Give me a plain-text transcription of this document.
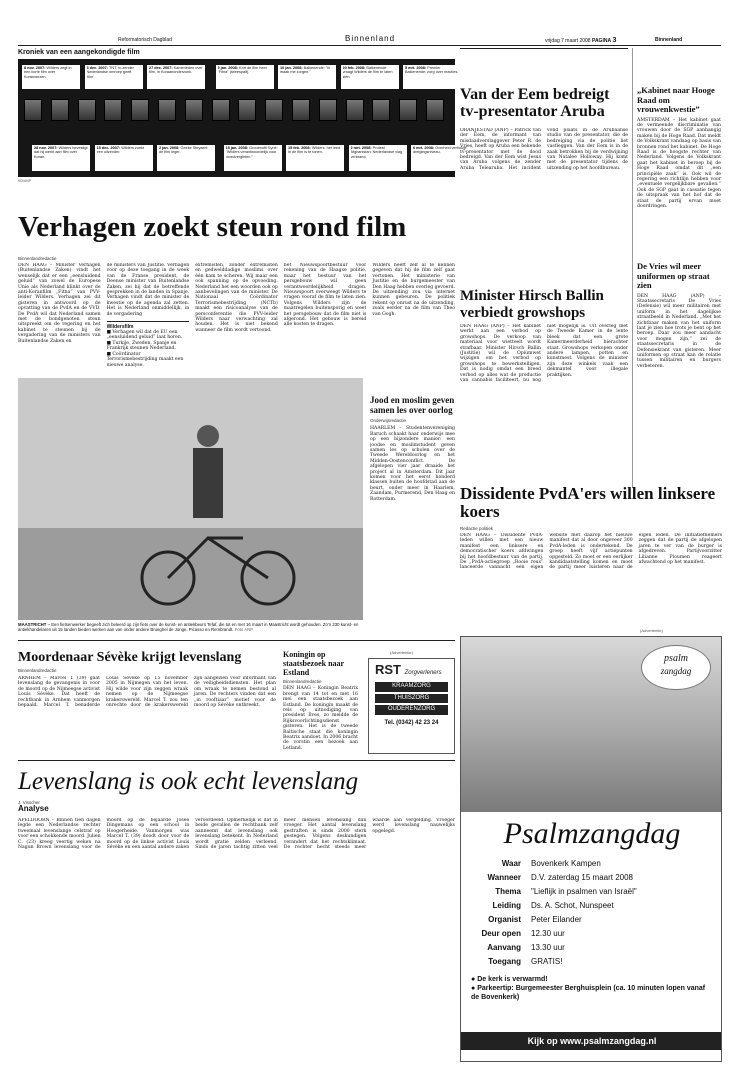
Reformatorisch Dagblad	Binnenland	vrijdag 7 maart 2008 PAGINA 3	Binnenland
Kroniek van een aangekondigde film
8 nov. 2007: Wilders zegt in een korte film over Koranverzen.
3 dec. 2007: TNT, tv-zender Nederlandse omroep geeft 'film'.
27 dec. 2007: Kamerleden over film, in Koraanonderzoek.
9 jan. 2008: Kort de film heet "Fitna" (tweespalt).
10 jan. 2008: Balkenende: "Ik maak me zorgen."
20 feb. 2008: Balkenende vraagt Wilders de film te laten zien.
5 mrt. 2008: Premier Balkenende: zorg over reacties.
28 nov. 2007: Wilders bevestigt dat hij werkt aan film over Koran.
15 dec. 2007: Wilders zoekt een uitzender.
2 jan. 2008: Geeke Steyaert: de film leger.
15 jan. 2008: Grootmufti Syrië: "Wilders verantwoordelijk voor bloedvergieten."
15 feb. 2008: Wilders: het leed in de film is te tonen.
2 mrt. 2008: Protest Afghanistan: Nederlandse vlag verbrand.
6 mrt. 2008: Overheid verhoogt dreigingsniveau.
RD/ANP
Verhagen zoekt steun rond film
Binnenlandredactie

DEN HAAG – Minister Verhagen (Buitenlandse Zaken) vindt het wenselijk dat er een „eensluidend geluid” van zowel de Europese Unie als Nederland klinkt over de anti-Koranfilm „Fitna” van PVV-leider Wilders. Verhagen zei dit gisteren in antwoord op de opvatting van de PvdA en de VVD. De PvdA wil dat Nederland samen met de bondgenoten steun uitspreekt om de regering en het kabinet te steunen bij de vergadering van de ministers van Buitenlandse Zaken en

de ministers van Justitie. Verhagen voor op deze toegang in de week van de Franse president, de Deense minister van Buitenlandse Zaken, zei hij dat de betreffende gesprekken in de landen in Spanje. Verhagen vindt dat de minister de kwestie op de agenda zal zetten. Het is Nederland onmiddellijk, in de vergadering

Wildersfilm
■ Verhagen wil dat de EU een „eensluidend geluid” laat horen.
■ Turkije, Zweden, Spanje en Frankrijk steunen Nederland.
■ Coördinator Terrorismebestrijding maakt een nieuwe analyse.

extremisten, zonder extremisten en gedwelddadige moslims over één kam te scheren. Wij maar een ook spanning op de opvoeding. Nederland het een woorden ook op aanbevelingen van de minister. De Nationaal Coördinator Terrorismebestrijding (NCTb) maakt een risicoanalyse van de persconferentie die PVV-leider Wilders naar verwachting zal houden. Het is niet bekend wanneer de film wordt vertoond.

het Nieuwspoortbestuur voor rekening van de Haagse politie, maar het bestuur van het persgebouw wil geen verantwoordelijkheid dragen. Nieuwspoort overweegt Wilders te vragen vooraf de film te laten zien. Volgens Wilders zijn de maatregelen buitensporig en weet het persgebouw dat de film niet is afgerond. Het gebouw is bereid alle kosten te dragen.

Wilders heeft zelf al te kennen gegeven dat hij de film zelf gaat vertonen. Het ministerie van Justitie en de burgemeester van Den Haag hebben overleg gevoerd. De uitzending zou via internet kunnen gebeuren. De politiek rekent op onrust na de uitzending, zoals eerder na de film van Theo van Gogh.

MAASTRICHT – Een fietsenwerker begeeft zich beleerd op zijn fiets over de kunst- en antiekbeurs Tefaf, die tot en met 16 maart in Maastricht wordt gehouden. Zo'n 230 kunst- en antiekhandelaren uit 15 landen bieden werken aan van onder andere Brueghel de Jonge, Picasso en Rembrandt. Foto ANP
Jood en moslim geven samen les over oorlog
Onderwijsredactie

HAARLEM – Studentenvereniging Baruch schaakt haar onderwijs mee op een bijzondere manier: een joodse en moslimstudent geven samen les op scholen over de Tweede Wereldoorlog en het Midden-Oostenconflict. De afgelopen vier jaar draaide het project al in Amsterdam. Dit jaar komen voor het eerst honderd klassen buiten de hoofdstad aan de beurt, onder meer in Haarlem, Zaandam, Purmerend, Den Haag en Rotterdam.

Van der Eem bedreigt tv-presentator Aruba

ORANJESTAD (ANP) – Patrick van der Eem, de informant van misdaadverslaggever Peter R. de Vries, heeft op Aruba een bekende tv-presentator met de dood bedreigd. Van der Eem wist Jesus van Aruba volgens de zender Aruba Telearuba. Het incident vond plaats in de Arubaanse studio van de presentator, die de bedreiging via de politie liet vastleggen. Van der Eem is in de zaak betrokken bij de verdwijning van Natalee Holloway. Hij komt met de presentator tijdens de uitzending op het hoofdbureau.

Minister Hirsch Ballin verbiedt growshops

DEN HAAG (ANP) – Het kabinet werkt aan een verbod op growshops. De verkoop van materiaal voor wietteelt wordt strafbaar. Minister Hirsch Ballin (Justitie) wil de Opiumwet wijzigen om het verbod op growshops te bewerkstelligen. Dat is nodig omdat een breed verbod op alles wat de productie van cannabis faciliteert, nu nog niet mogelijk is. Uit overleg met de Tweede Kamer in de lente bleek dat een grote Kamermeerderheid hierachter staat. Growshops verkopen onder andere lampen, potten en kunstmest. Volgens de minister zijn deze winkels vaak een dekmantel voor illegale praktijken.

„Kabinet naar Hooge Raad om vrouwenkwestie”

AMSTERDAM – Het kabinet gaat de vermeende discriminatie van vrouwen door de SGP aanhangig maken bij de Hoge Raad. Dat meldt de Volkskrant vandaag op basis van bronnen rond het kabinet. De Hoge Raad is de hoogste rechter van Nederland. Volgens de Volkskrant gaat het kabinet in beroep bij de Hoge Raad omdat dit „een principiële zaak” is. Ook wil de regering een richtlijn hebben voor „eventuele vergelijkbare gevallen.” Ook de SGP gaat in cassatie tegen de uitspraak van het hof dat de staat de partij ervan moet doordringen.

De Vries wil meer uniformen op straat zien

DEN HAAG (ANP) – Staatssecretaris De Vries (Defensie) wil meer militairen met uniform in het dagelijkse straatbeeld in Nederland. „Met het zichtbaar maken van het uniform laat je zien hoe trots je bent op het beroep. Daar zou meer aandacht voor mogen zijn,” zei de staatssecretaris in de Defensiekrant van gisteren. Meer uniformen op straat kan de relatie tussen militairen en burgers verbeteren.

Dissidente PvdA'ers willen linksere koers
Redactie politiek

DEN HAAG – Dissidente PvdA-leden willen met een nieuw manifest een linksere en democratischer koers afdwingen bij het hoofdbestuur van de partij. De „PvdA-actiegroep „Rooie reus” lanceerde vannacht een eigen website met daarop het nieuwe manifest dat al door ongeveer 300 PvdA-leden is ondertekend. De groep heeft vijf actiepunten opgesteld. Zo moet er een eerlijker kandidaatstelling komen en moet de partij meer luisteren naar de eigen leden. De initiatiefnemers zeggen dat de partij de afgelopen jaren te ver van de burger is afgedreven. Partijvoorzitter Lilianne Ploumen reageert afwachtend op het manifest.

Moordenaar Sévèke krijgt levenslang
Binnenlandredactie

ARNHEM – Marcel T. (39) gaat levenslang de gevangenis in voor de moord op de Nijmeegse activist Louis Sévèke. Dat heeft de rechtbank in Arnhem vanmorgen bepaald. Marcel T. benaderde Louis Sévèke op 15 november 2005 in Nijmegen van het leven. Hij wilde voor zijn zeggen wraak nemen op de Nijmeegse krakerswereld. Marcel T. zou ten onrechte door de krakerswereld zijn aangezien voor informant van de veiligheidsdiensten. Het plan om wraak te nemen bestond al jaren. De rechters vinden dat een „in rooftiaar” motief voor de moord op Sévèke ontbreekt.

Koningin op staatsbezoek naar Estland
Binnenlandredactie

DEN HAAG – Koningin Beatrix brengt van 14 tot en met 16 mei een staatsbezoek aan Estland. De koningin maakt de reis op uitnodiging van president Ilves, zo meldde de Rijksvoorlichtingsdienst gisteren. Het is de tweede Baltische staat die koningin Beatrix aandoet. In 2006 bracht de vorstin een bezoek aan Letland.

(Advertentie)
RST Zorgverleners
KRAAMZORG
THUISZORG
OUDERENZORG
Tel. (0342) 42 23 24
Levenslang is ook echt levenslang
J. Visscher
Analyse

APELDOORN – Binnen tien dagen legde een Nederlandse rechter tweemaal levenslange celstraf op voor een schokkende moord. Julien C. (23) kreeg veertig weken na Nagun Brown levenslang voor de moord op de bejaarde Josee Dingemans op een school in Hoogerheide. Vanmorgen was Marcel T. (39) doodt door voor de moord op de linkse activist Louis Sévèke en een aantal andere zaken veroordeeld. Opmerkelijk is dat in beide gevallen de rechtbank zelf aanneemt dat levenslang ook levenslang betekent. In Nederland wordt gratie zelden verleend. Sinds de jaren tachtig zitten veel meer mensen levenslang dan vroeger. Het aantal levenslang gestraften is sinds 2000 sterk gestegen. Volgens deskundigen verandert dat het rechtsklimaat. De rechter hecht steeds meer waarde aan vergelding. Vroeger werd levenslang nauwelijks opgelegd.

(Advertentie)
psalm
zangdag
Psalmzangdag
Waar	Bovenkerk Kampen
Wanneer	D.V. zaterdag 15 maart 2008
Thema	"Lieflijk in psalmen van Israël"
Leiding	Ds. A. Schot, Nunspeet
Organist	Peter Eilander
Deur open	12.30 uur
Aanvang	13.30 uur
Toegang	GRATIS!
● De kerk is verwarmd!
● Parkeertip: Burgemeester Berghuisplein (ca. 10 minuten lopen vanaf de Bovenkerk)
Kijk op www.psalmzangdag.nl
